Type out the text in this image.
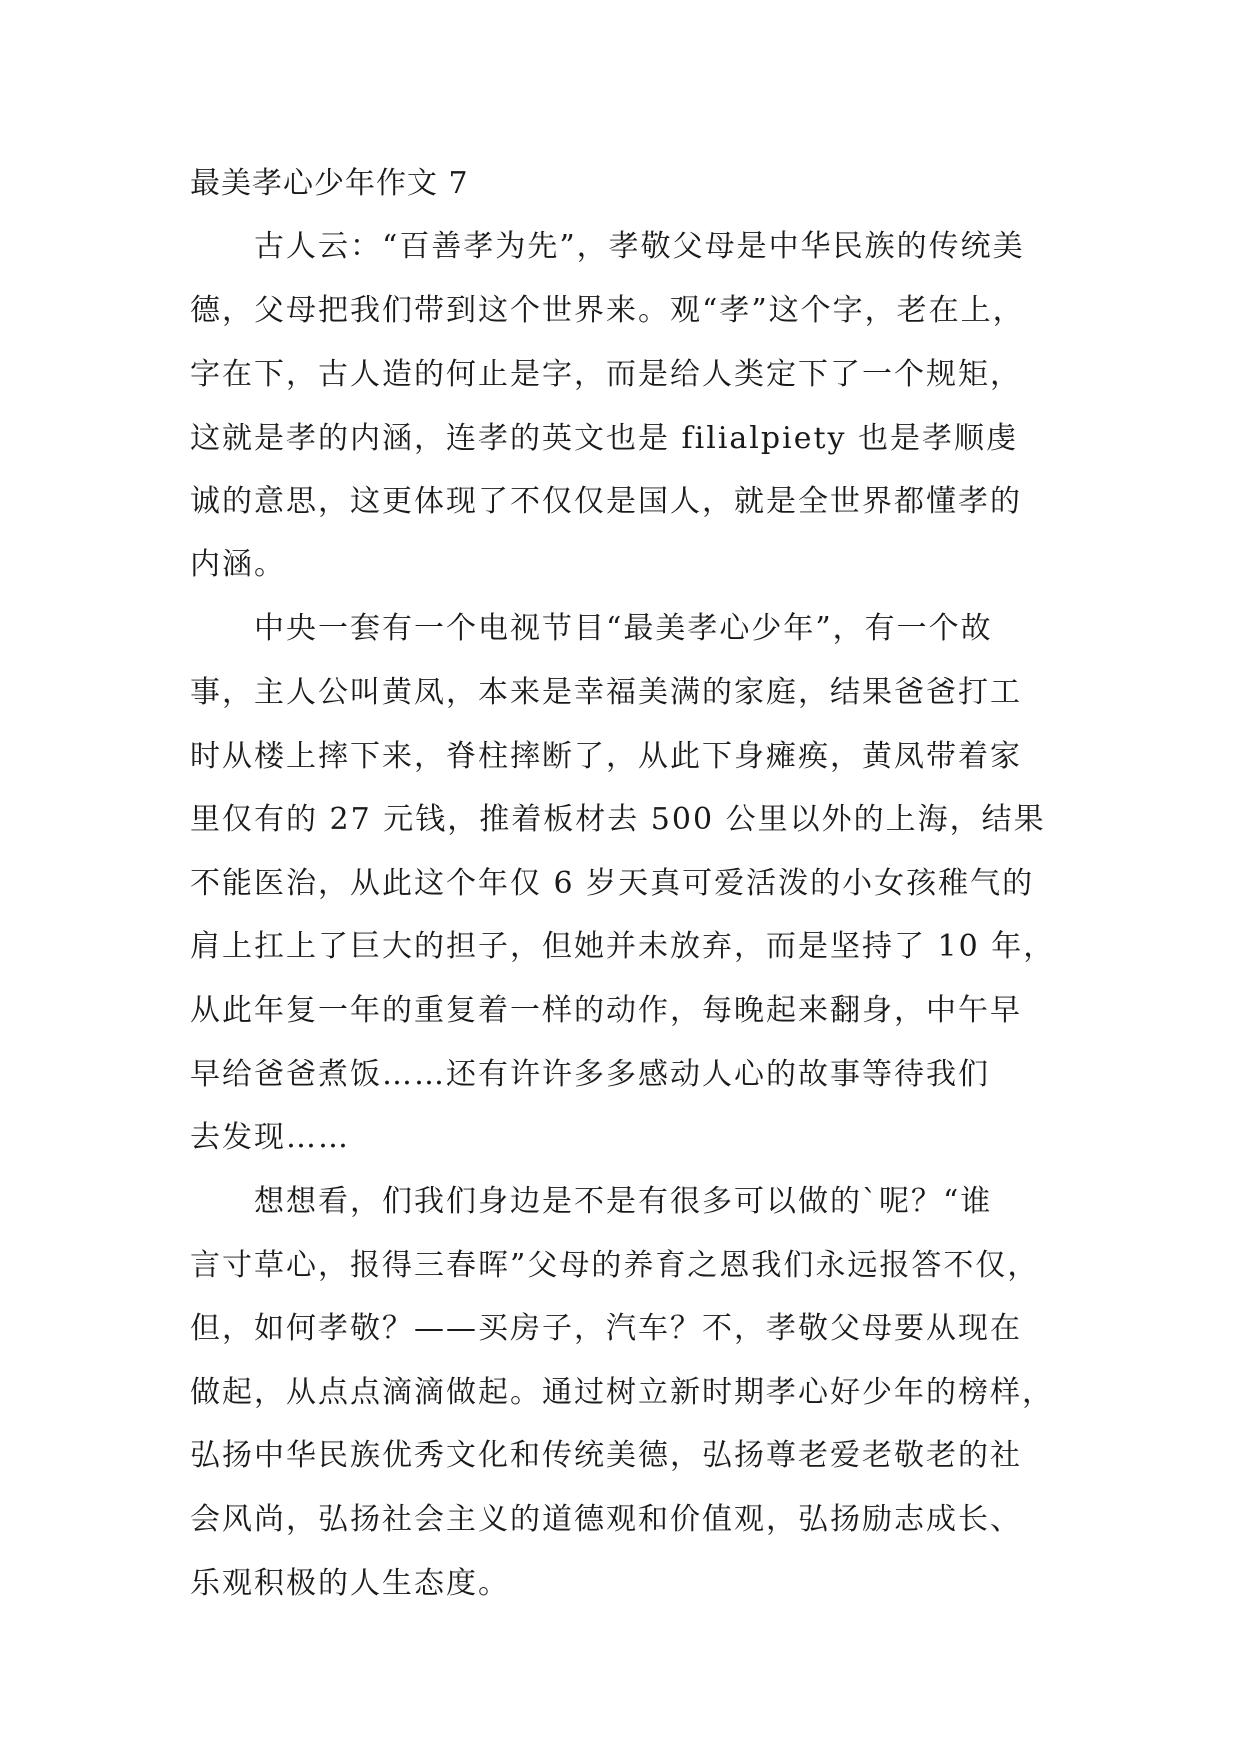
最美孝心少年作文 7
古人云：“百善孝为先”，孝敬父母是中华民族的传统美
德，父母把我们带到这个世界来。观“孝”这个字，老在上，
字在下，古人造的何止是字，而是给人类定下了一个规矩，
这就是孝的内涵，连孝的英文也是 filialpiety 也是孝顺虔
诚的意思，这更体现了不仅仅是国人，就是全世界都懂孝的
内涵。
中央一套有一个电视节目“最美孝心少年”，有一个故
事，主人公叫黄凤，本来是幸福美满的家庭，结果爸爸打工
时从楼上摔下来，脊柱摔断了，从此下身瘫痪，黄凤带着家
里仅有的 27 元钱，推着板材去 500 公里以外的上海，结果
不能医治，从此这个年仅 6 岁天真可爱活泼的小女孩稚气的
肩上扛上了巨大的担子，但她并未放弃，而是坚持了 10 年，
从此年复一年的重复着一样的动作，每晚起来翻身，中午早
早给爸爸煮饭……还有许许多多感动人心的故事等待我们
去发现……
想想看，们我们身边是不是有很多可以做的`呢？“谁
言寸草心，报得三春晖”父母的养育之恩我们永远报答不仅，
但，如何孝敬？——买房子，汽车？不，孝敬父母要从现在
做起，从点点滴滴做起。通过树立新时期孝心好少年的榜样，
弘扬中华民族优秀文化和传统美德，弘扬尊老爱老敬老的社
会风尚，弘扬社会主义的道德观和价值观，弘扬励志成长、
乐观积极的人生态度。
